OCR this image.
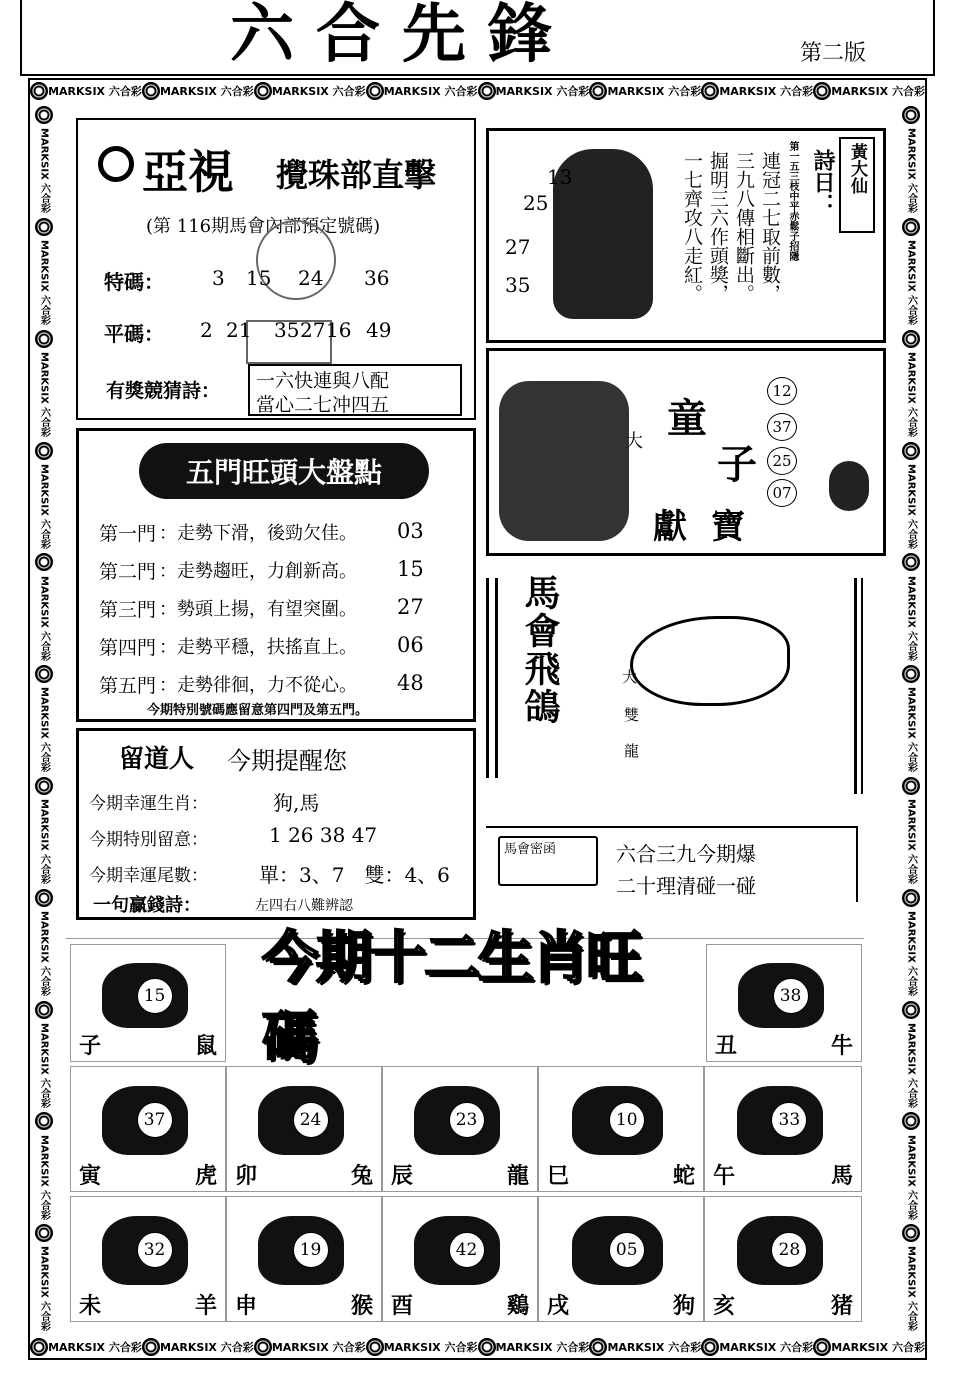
六合先鋒	第二版
MARKSIX 六合彩 MARKSIX 六合彩 MARKSIX 六合彩 MARKSIX 六合彩 MARKSIX 六合彩 MARKSIX 六合彩 MARKSIX 六合彩 MARKSIX 六合彩
MARKSIX 六合彩 MARKSIX 六合彩 MARKSIX 六合彩 MARKSIX 六合彩 MARKSIX 六合彩 MARKSIX 六合彩 MARKSIX 六合彩 MARKSIX 六合彩
MARKSIX 六合彩
MARKSIX 六合彩
MARKSIX 六合彩
MARKSIX 六合彩
MARKSIX 六合彩
MARKSIX 六合彩
MARKSIX 六合彩
MARKSIX 六合彩
MARKSIX 六合彩
MARKSIX 六合彩
MARKSIX 六合彩
MARKSIX 六合彩
MARKSIX 六合彩
MARKSIX 六合彩
MARKSIX 六合彩
MARKSIX 六合彩
MARKSIX 六合彩
MARKSIX 六合彩
MARKSIX 六合彩
MARKSIX 六合彩
MARKSIX 六合彩
MARKSIX 六合彩
亞視 攪珠部直擊
(第 116期馬會內部預定號碼)
特碼： 3 15 24 36
平碼： 2 21 35 27 16 49
有獎競猜詩： 一六快連與八配
當心二七冲四五
13
25
27
35	一七齊攻八走紅。 掘明三六作頭獎， 三九八傳相斷出。 連冠二七取前數， 第一五三枝中平赤鬆子招隱 詩日： 黃大仙
大 童
子
獻 寶
12
37
25
07
五門旺頭大盤點
第一門 ：走勢下滑，後勁欠佳。 03
第二門 ：走勢趨旺，力創新高。 15
第三門 ：勢頭上揚，有望突圍。 27
第四門 ：走勢平穩，扶搖直上。 06
第五門 ：走勢徘徊，力不從心。 48
今期特別號碼應留意第四門及第五門。	馬會飛鴿	大
雙
龍
留道人 今期提醒您
今期幸運生肖：	狗,馬
今期特別留意：	1 26 38 47
今期幸運尾數：	單：3、7　雙：4、6
一句贏錢詩：	左四右八難辨認
馬會密函	六合三九今期爆
二十理清碰一碰
今期十二生肖旺碼
15
子	鼠
38
丑	牛
37
寅	虎
24
卯	兔
23
辰	龍
10
巳	蛇
33
午	馬
32
未	羊
19
申	猴
42
酉	鷄
05
戌	狗
28
亥	猪
